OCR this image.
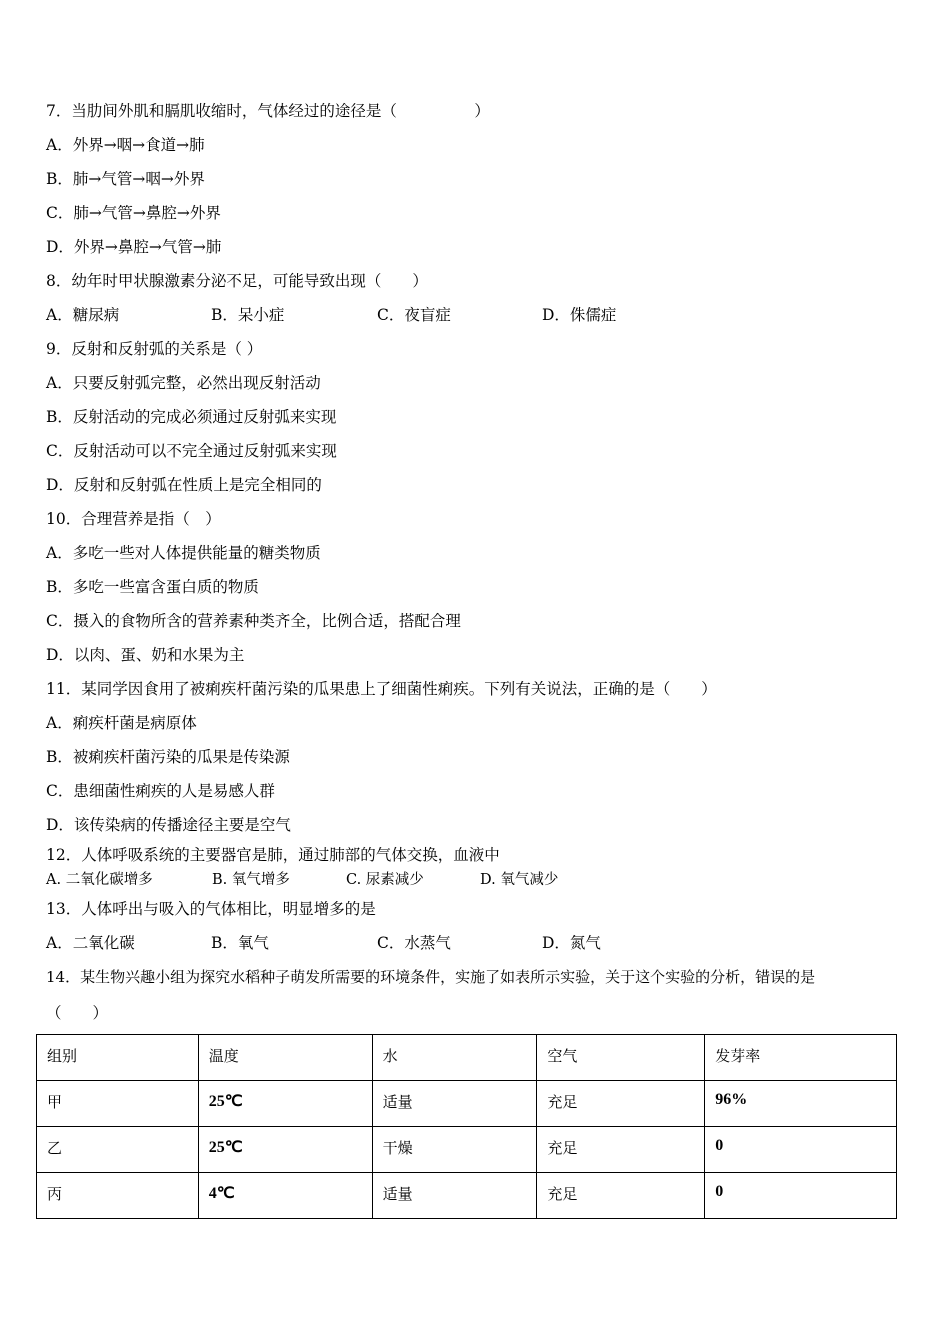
7．当肋间外肌和膈肌收缩时，气体经过的途径是（　　　　　）
A．外界→咽→食道→肺
B．肺→气管→咽→外界
C．肺→气管→鼻腔→外界
D．外界→鼻腔→气管→肺
8．幼年时甲状腺激素分泌不足，可能导致出现（　　）

A．糖尿病

	B．呆小症

	C．夜盲症

	D．侏儒症

9．反射和反射弧的关系是（ ）
A．只要反射弧完整，必然出现反射活动
B．反射活动的完成必须通过反射弧来实现
C．反射活动可以不完全通过反射弧来实现
D．反射和反射弧在性质上是完全相同的
10．合理营养是指（　）
A．多吃一些对人体提供能量的糖类物质
B．多吃一些富含蛋白质的物质
C．摄入的食物所含的营养素种类齐全，比例合适，搭配合理
D．以肉、蛋、奶和水果为主
11．某同学因食用了被痢疾杆菌污染的瓜果患上了细菌性痢疾。下列有关说法，正确的是（　　）
A．痢疾杆菌是病原体
B．被痢疾杆菌污染的瓜果是传染源
C．患细菌性痢疾的人是易感人群
D．该传染病的传播途径主要是空气
12．人体呼吸系统的主要器官是肺，通过肺部的气体交换，血液中

A. 二氧化碳增多

	B. 氧气增多

	C. 尿素减少

	D. 氧气减少

13．人体呼出与吸入的气体相比，明显增多的是

A．二氧化碳

	B．氧气

	C．水蒸气

	D．氮气

14．某生物兴趣小组为探究水稻种子萌发所需要的环境条件，实施了如表所示实验，关于这个实验的分析，错误的是
（　　）
组别	温度	水	空气	发芽率
甲	25℃	适量	充足	96%
乙	25℃	干燥	充足	0
丙	4℃	适量	充足	0
